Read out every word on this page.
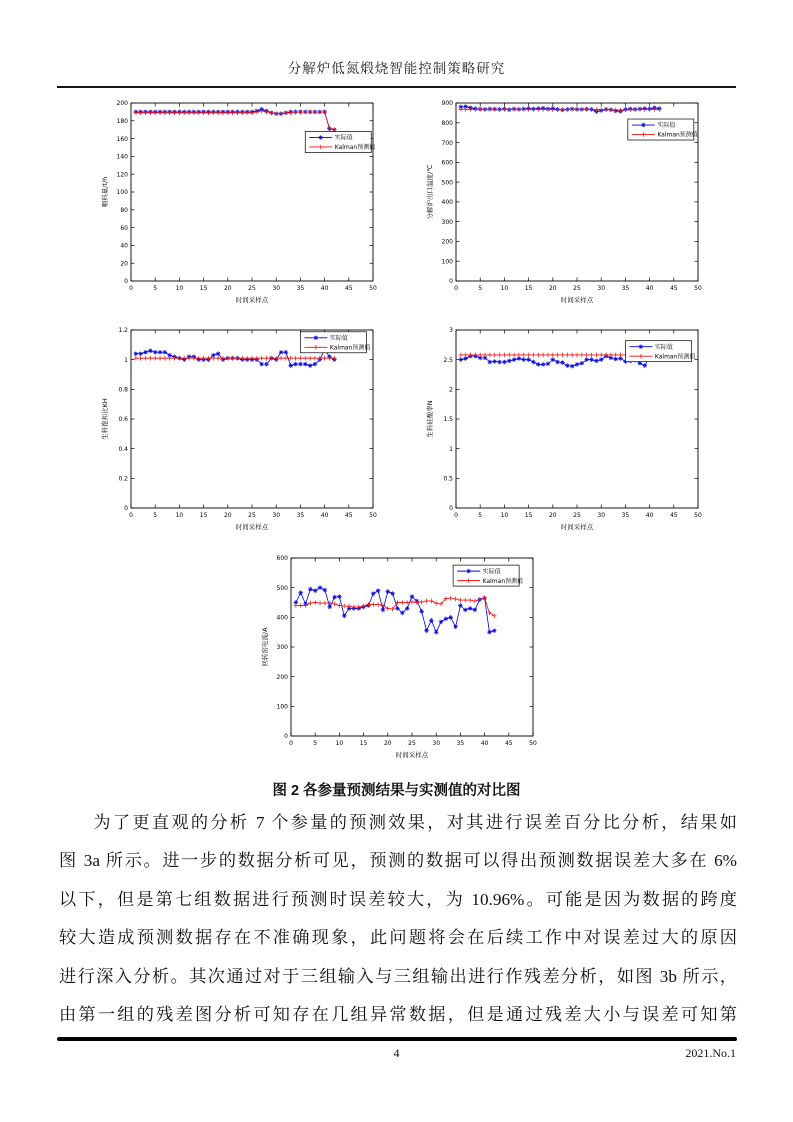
分解炉低氮煅烧智能控制策略研究
0	5	10	15	20	25	30	35	40	45	50
0
20
40
60
80
100
120
140
160
180
200
时间采样点
喂料量/t/h
实际值
Kalman预测值
0	5	10	15	20	25	30	35	40	45	50
0
100
200
300
400
500
600
700
800
900
时间采样点
分解炉出口温度/℃
实际值
Kalman预测值
0	5	10	15	20	25	30	35	40	45	50
0
0.2
0.4
0.6
0.8
1
1.2
时间采样点
生料饱和比KH
实际值
Kalman预测值
0	5	10	15	20	25	30	35	40	45	50
0
0.5
1
1.5
2
2.5
3
时间采样点
生料硅酸率N
实际值
Kalman预测值
0	5	10	15	20	25	30	35	40	45	50
0
100
200
300
400
500
600
时间采样点
回转窑电流/A
实际值
Kalman预测值
图 2 各参量预测结果与实测值的对比图
为了更直观的分析 7 个参量的预测效果，对其进行误差百分比分析，结果如
图 3a 所示。进一步的数据分析可见，预测的数据可以得出预测数据误差大多在 6%
以下，但是第七组数据进行预测时误差较大，为 10.96%。可能是因为数据的跨度
较大造成预测数据存在不准确现象，此问题将会在后续工作中对误差过大的原因
进行深入分析。其次通过对于三组输入与三组输出进行作残差分析，如图 3b 所示，
由第一组的残差图分析可知存在几组异常数据，但是通过残差大小与误差可知第
4	2021.No.1
